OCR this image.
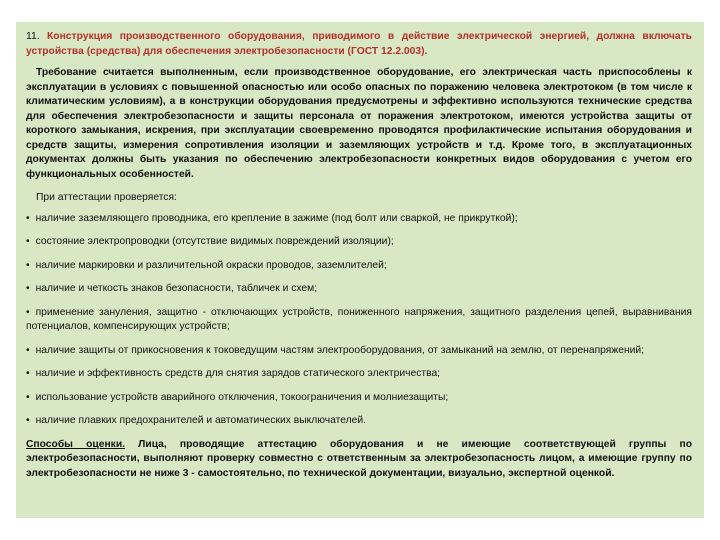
11. Конструкция производственного оборудования, приводимого в действие электрической энергией, должна включать устройства (средства) для обеспечения электробезопасности (ГОСТ 12.2.003).

Требование считается выполненным, если производственное оборудование, его электрическая часть приспособлены к эксплуатации в условиях с повышенной опасностью или особо опасных по поражению человека электротоком (в том числе к климатическим условиям), а в конструкции оборудования предусмотрены и эффективно используются технические средства для обеспечения электробезопасности и защиты персонала от поражения электротоком, имеются устройства защиты от короткого замыкания, искрения, при эксплуатации своевременно проводятся профилактические испытания оборудования и средств защиты, измерения сопротивления изоляции и заземляющих устройств и т.д. Кроме того, в эксплуатационных документах должны быть указания по обеспечению электробезопасности конкретных видов оборудования с учетом его функциональных особенностей.

При аттестации проверяется:

• наличие заземляющего проводника, его крепление в зажиме (под болт или сваркой, не прикруткой);

• состояние электропроводки (отсутствие видимых повреждений изоляции);

• наличие маркировки и различительной окраски проводов, заземлителей;

• наличие и четкость знаков безопасности, табличек и схем;

• применение зануления, защитно - отключающих устройств, пониженного напряжения, защитного разделения цепей, выравнивания потенциалов, компенсирующих устройств;

• наличие защиты от прикосновения к токоведущим частям электрооборудования, от замыканий на землю, от перенапряжений;

• наличие и эффективность средств для снятия зарядов статического электричества;

• использование устройств аварийного отключения, токоограничения и молниезащиты;

• наличие плавких предохранителей и автоматических выключателей.

Способы оценки. Лица, проводящие аттестацию оборудования и не имеющие соответствующей группы по электробезопасности, выполняют проверку совместно с ответственным за электробезопасность лицом, а имеющие группу по электробезопасности не ниже 3 - самостоятельно, по технической документации, визуально, экспертной оценкой.
